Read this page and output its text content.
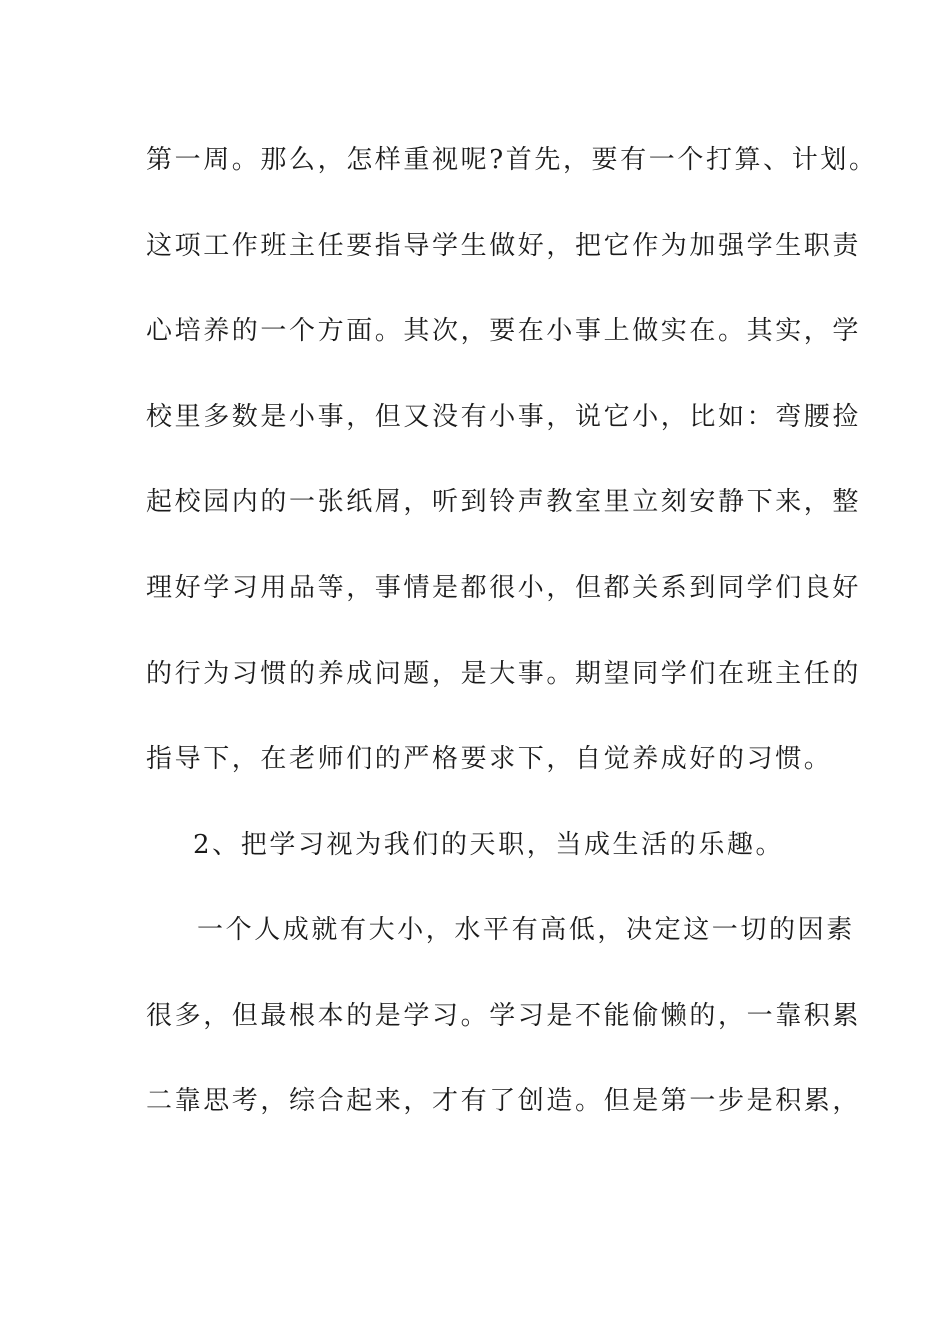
第一周。那么，怎样重视呢?首先，要有一个打算、计划。
这项工作班主任要指导学生做好，把它作为加强学生职责
心培养的一个方面。其次，要在小事上做实在。其实，学
校里多数是小事，但又没有小事，说它小，比如：弯腰捡
起校园内的一张纸屑，听到铃声教室里立刻安静下来，整
理好学习用品等，事情是都很小，但都关系到同学们良好
的行为习惯的养成问题，是大事。期望同学们在班主任的
指导下，在老师们的严格要求下，自觉养成好的习惯。
2、把学习视为我们的天职，当成生活的乐趣。
一个人成就有大小，水平有高低，决定这一切的因素
很多，但最根本的是学习。学习是不能偷懒的，一靠积累
二靠思考，综合起来，才有了创造。但是第一步是积累，
